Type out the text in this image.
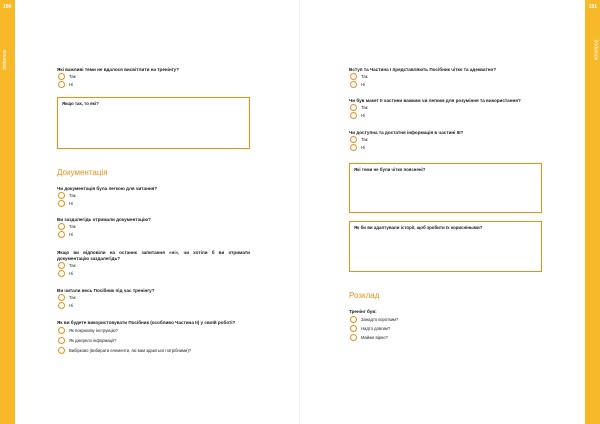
190	191
додаток	додаток

Які важливі теми не вдалося висвітлити на тренінгу?

Так
Ні
Якщо так, то які?

Документація

Чи документація була легкою для читання?

Так
Ні

Ви заздалегідь отримали документацію?

Так
Ні

Якщо ви відповіли на останнє запитання «ні», чи хотіли б ви отримати документацію заздалегідь?

Так
Ні

Ви читали весь Посібник під час тренінгу?

Так
Ні

Як ви будете використовувати Посібник (особливо Частина ІІ) у своїй роботі?

Як покрокову інструкцію?
Як джерело інформації?
Вибірково (вибирати елементи, які вам здаються потрібними)?

Вступ та Частина І представляють Посібник чітко та адекватно?

Так
Ні

Чи був макет ІІ частини важким чи легким для розуміння та використання?

Так
Ні

Чи доступна та достатня інформація в частині ІІІ?

Так
Ні
Які теми не були чітко пояснені?
Як би ви адаптували історії, щоб зробити їх корисніными?

Розклад

Тренінг був:

Занадто коротким?
Надто довгим?
Майже вірно?
